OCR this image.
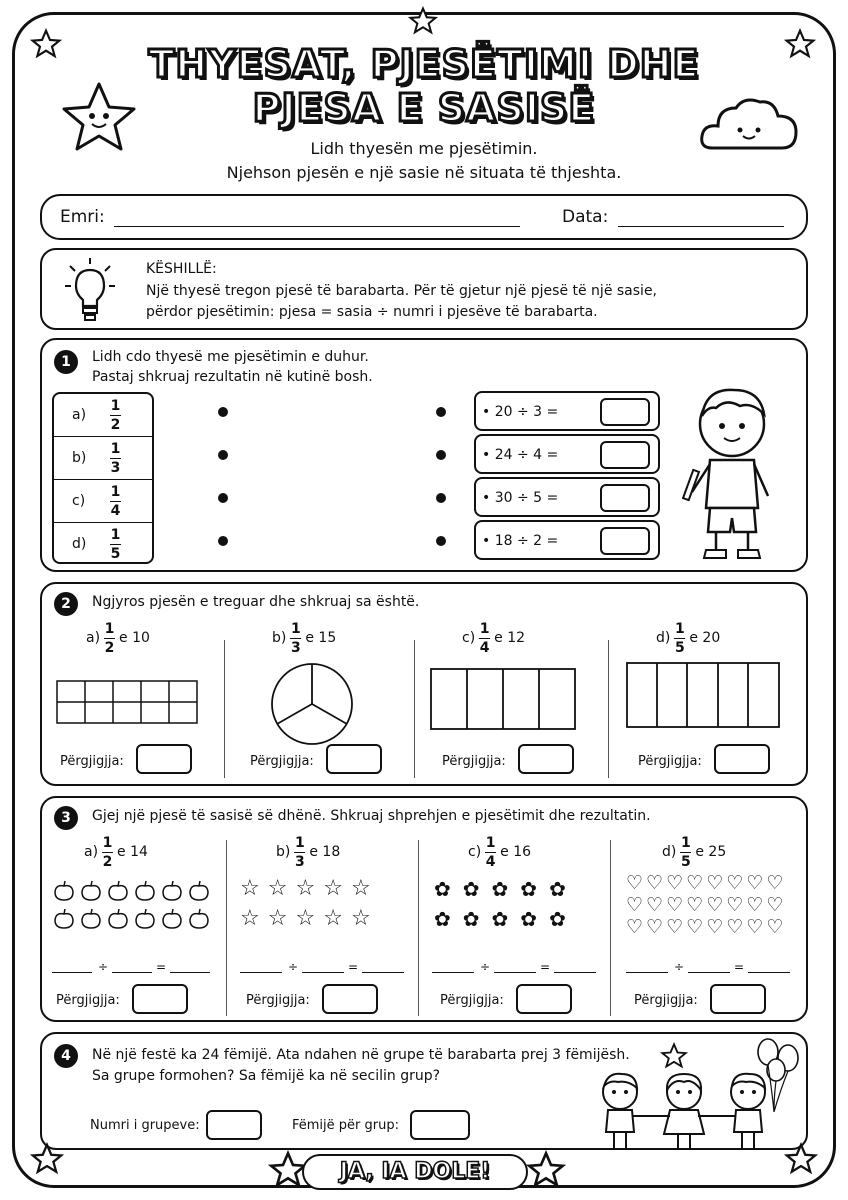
THYESAT, PJESËTIMI DHE
PJESA E SASISË
Lidh thyesën me pjesëtimin.
Njehson pjesën e një sasie në situata të thjeshta.
Emri:	Data:
KËSHILLË:
Një thyesë tregon pjesë të barabarta. Për të gjetur një pjesë të një sasie,
përdor pjesëtimin: pjesa = sasia ÷ numri i pjesëve të barabarta.
1	Lidh cdo thyesë me pjesëtimin e duhur.
Pastaj shkruaj rezultatin në kutinë bosh.
a)
1
2
b)
1
3
c)
1
4
d)
1
5
• 20 ÷ 3 =
• 24 ÷ 4 =
• 30 ÷ 5 =
• 18 ÷ 2 =
2	Ngjyros pjesën e treguar dhe shkruaj sa është.
$a) \frac{1}{2}$ e 10
Përgjigjja:
$b) \frac{1}{3}$ e 15
Përgjigjja:
$c) \frac{1}{4}$ e 12
Përgjigjja:
$d) \frac{1}{5}$ e 20
Përgjigjja:
3	Gjej një pjesë të sasisë së dhënë. Shkruaj shprehjen e pjesëtimit dhe rezultatin.
$a) \frac{1}{2}$ e 14
÷	=
Përgjigjja:
$b) \frac{1}{3}$ e 18
☆ ☆ ☆ ☆ ☆
☆ ☆ ☆ ☆ ☆
÷	=
Përgjigjja:
$c) \frac{1}{4}$ e 16
✿ ✿ ✿ ✿ ✿
✿ ✿ ✿ ✿ ✿
÷	=
Përgjigjja:
$d) \frac{1}{5}$ e 25
♡ ♡ ♡ ♡ ♡ ♡ ♡ ♡
♡ ♡ ♡ ♡ ♡ ♡ ♡ ♡
♡ ♡ ♡ ♡ ♡ ♡ ♡ ♡
÷	=
Përgjigjja:
4	Në një festë ka 24 fëmijë. Ata ndahen në grupe të barabarta prej 3 fëmijësh.
Sa grupe formohen? Sa fëmijë ka në secilin grup?
Numri i grupeve:	Fëmijë për grup:
JA, IA DOLE!
